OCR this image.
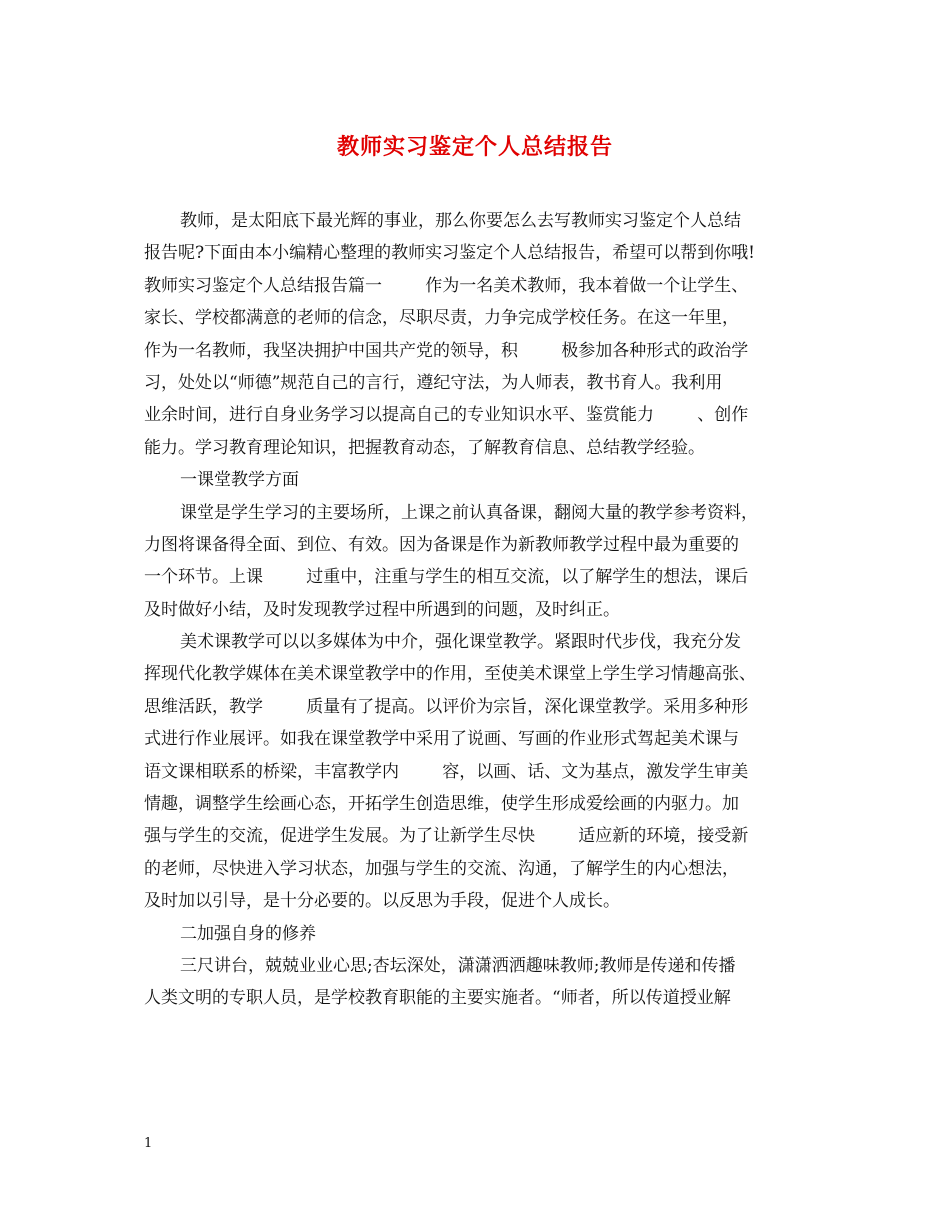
教师实习鉴定个人总结报告
教师，是太阳底下最光辉的事业，那么你要怎么去写教师实习鉴定个人总结
报告呢?下面由本小编精心整理的教师实习鉴定个人总结报告，希望可以帮到你哦!
教师实习鉴定个人总结报告篇一        作为一名美术教师，我本着做一个让学生、
家长、学校都满意的老师的信念，尽职尽责，力争完成学校任务。在这一年里，
作为一名教师，我坚决拥护中国共产党的领导，积        极参加各种形式的政治学
习，处处以“师德”规范自己的言行，遵纪守法，为人师表，教书育人。我利用
业余时间，进行自身业务学习以提高自己的专业知识水平、鉴赏能力        、创作
能力。学习教育理论知识，把握教育动态，了解教育信息、总结教学经验。
一课堂教学方面
课堂是学生学习的主要场所，上课之前认真备课，翻阅大量的教学参考资料，
力图将课备得全面、到位、有效。因为备课是作为新教师教学过程中最为重要的
一个环节。上课        过重中，注重与学生的相互交流，以了解学生的想法，课后
及时做好小结，及时发现教学过程中所遇到的问题，及时纠正。
美术课教学可以以多媒体为中介，强化课堂教学。紧跟时代步伐，我充分发
挥现代化教学媒体在美术课堂教学中的作用，至使美术课堂上学生学习情趣高张、
思维活跃，教学        质量有了提高。以评价为宗旨，深化课堂教学。采用多种形
式进行作业展评。如我在课堂教学中采用了说画、写画的作业形式驾起美术课与
语文课相联系的桥梁，丰富教学内        容，以画、话、文为基点，激发学生审美
情趣，调整学生绘画心态，开拓学生创造思维，使学生形成爱绘画的内驱力。加
强与学生的交流，促进学生发展。为了让新学生尽快        适应新的环境，接受新
的老师，尽快进入学习状态，加强与学生的交流、沟通，了解学生的内心想法，
及时加以引导，是十分必要的。以反思为手段，促进个人成长。
二加强自身的修养
三尺讲台，兢兢业业心思;杏坛深处，潇潇洒洒趣味教师;教师是传递和传播
人类文明的专职人员，是学校教育职能的主要实施者。“师者，所以传道授业解
1
